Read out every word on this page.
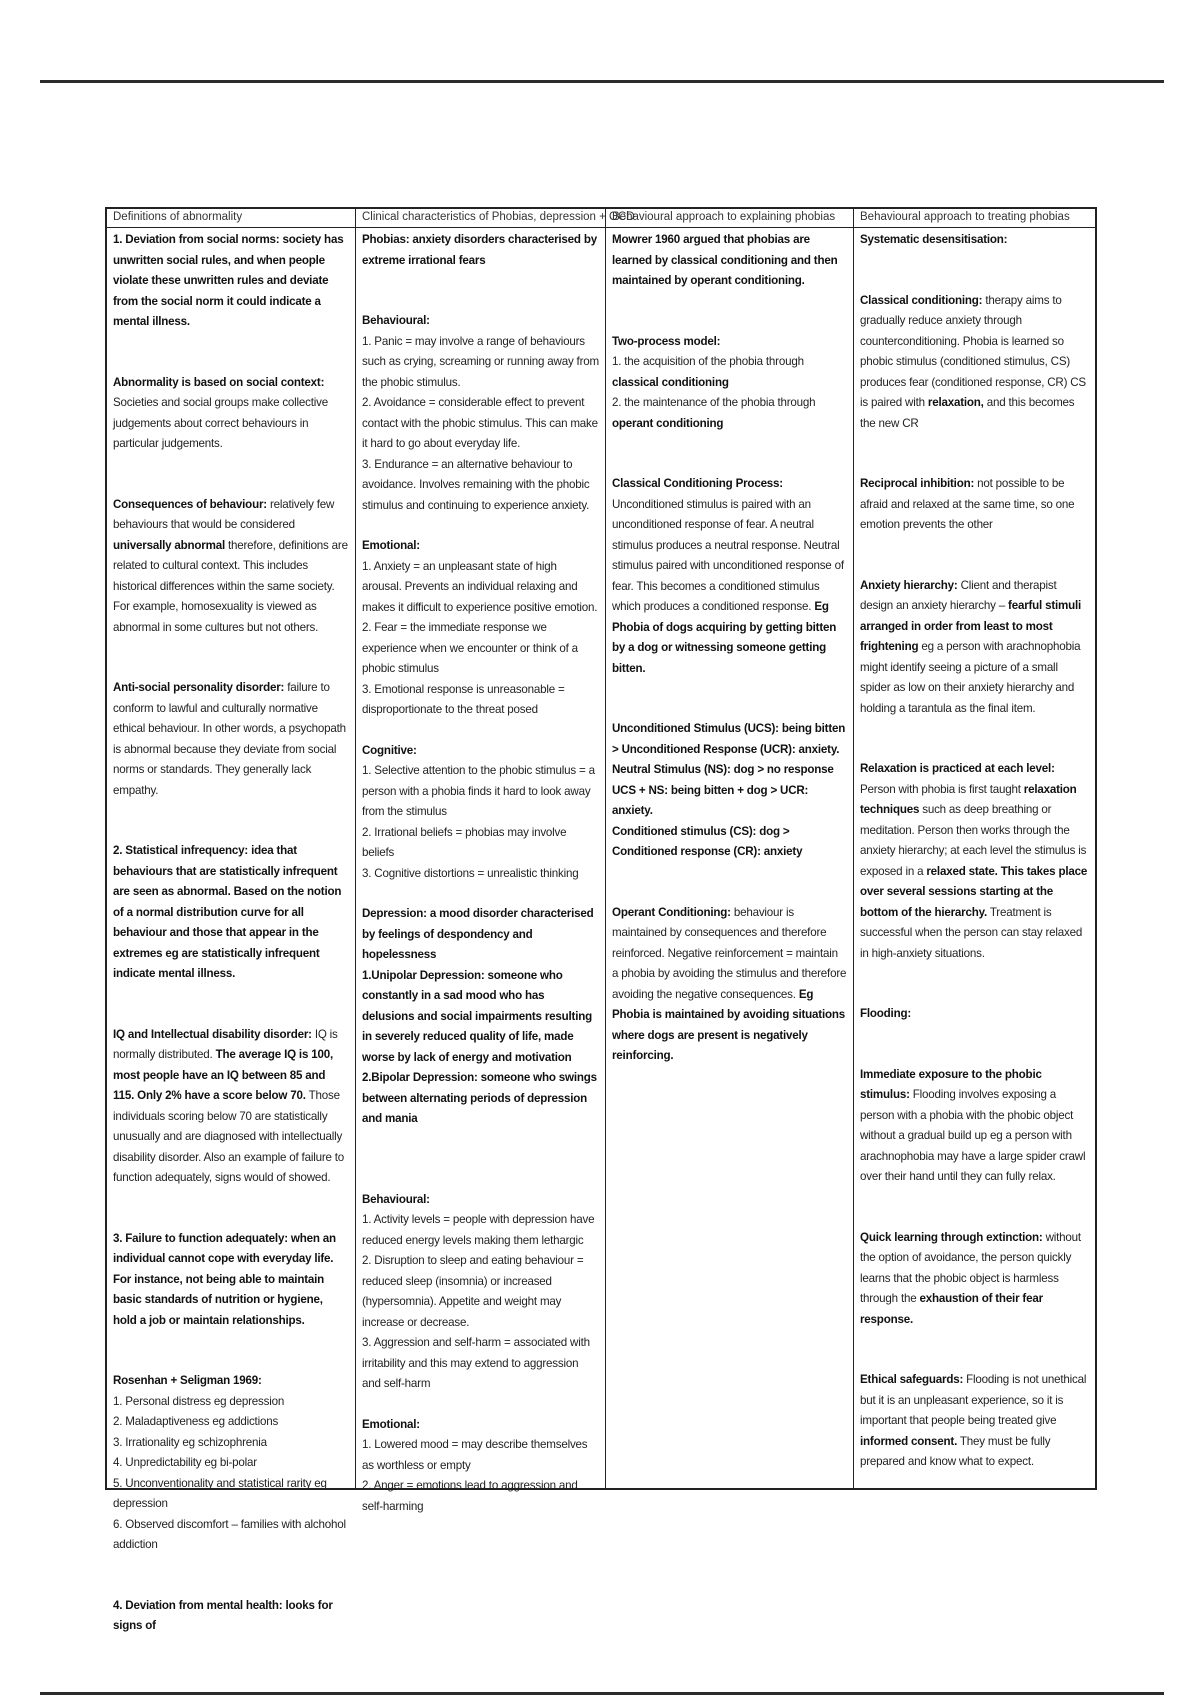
Definitions of abnormality

1. Deviation from social norms: society has unwritten social rules, and when people violate these unwritten rules and deviate from the social norm it could indicate a mental illness.

Abnormality is based on social context: Societies and social groups make collective judgements about correct behaviours in particular judgements.

Consequences of behaviour: relatively few behaviours that would be considered universally abnormal therefore, definitions are related to cultural context. This includes historical differences within the same society. For example, homosexuality is viewed as abnormal in some cultures but not others.

Anti-social personality disorder: failure to conform to lawful and culturally normative ethical behaviour. In other words, a psychopath is abnormal because they deviate from social norms or standards. They generally lack empathy.

2. Statistical infrequency: idea that behaviours that are statistically infrequent are seen as abnormal. Based on the notion of a normal distribution curve for all behaviour and those that appear in the extremes eg are statistically infrequent indicate mental illness.

IQ and Intellectual disability disorder: IQ is normally distributed. The average IQ is 100, most people have an IQ between 85 and 115. Only 2% have a score below 70. Those individuals scoring below 70 are statistically unusually and are diagnosed with intellectually disability disorder. Also an example of failure to function adequately, signs would of showed.

3. Failure to function adequately: when an individual cannot cope with everyday life. For instance, not being able to maintain basic standards of nutrition or hygiene, hold a job or maintain relationships.

Rosenhan + Seligman 1969:

1. Personal distress eg depression
2. Maladaptiveness eg addictions
3. Irrationality eg schizophrenia
4. Unpredictability eg bi-polar
5. Unconventionality and statistical rarity eg depression
6. Observed discomfort – families with alchohol addiction

4. Deviation from mental health: looks for signs of

Clinical characteristics of Phobias, depression + OCD

Phobias: anxiety disorders characterised by extreme irrational fears

Behavioural:

1. Panic = may involve a range of behaviours such as crying, screaming or running away from the phobic stimulus.
2. Avoidance = considerable effect to prevent contact with the phobic stimulus. This can make it hard to go about everyday life.
3. Endurance = an alternative behaviour to avoidance. Involves remaining with the phobic stimulus and continuing to experience anxiety.

Emotional:

1. Anxiety = an unpleasant state of high arousal. Prevents an individual relaxing and makes it difficult to experience positive emotion.
2. Fear = the immediate response we experience when we encounter or think of a phobic stimulus
3. Emotional response is unreasonable = disproportionate to the threat posed

Cognitive:

1. Selective attention to the phobic stimulus = a person with a phobia finds it hard to look away from the stimulus
2. Irrational beliefs = phobias may involve beliefs
3. Cognitive distortions = unrealistic thinking

Depression: a mood disorder characterised by feelings of despondency and hopelessness

1.Unipolar Depression: someone who constantly in a sad mood who has delusions and social impairments resulting in severely reduced quality of life, made worse by lack of energy and motivation

2.Bipolar Depression: someone who swings between alternating periods of depression and mania

Behavioural:

1. Activity levels = people with depression have reduced energy levels making them lethargic
2. Disruption to sleep and eating behaviour = reduced sleep (insomnia) or increased (hypersomnia). Appetite and weight may increase or decrease.
3. Aggression and self-harm = associated with irritability and this may extend to aggression and self-harm

Emotional:

1. Lowered mood = may describe themselves as worthless or empty
2. Anger = emotions lead to aggression and self-harming
Behavioural approach to explaining phobias

Mowrer 1960 argued that phobias are learned by classical conditioning and then maintained by operant conditioning.

Two-process model:

1. the acquisition of the phobia through classical conditioning

2. the maintenance of the phobia through operant conditioning

Classical Conditioning Process: Unconditioned stimulus is paired with an unconditioned response of fear. A neutral stimulus produces a neutral response. Neutral stimulus paired with unconditioned response of fear. This becomes a conditioned stimulus which produces a conditioned response. Eg Phobia of dogs acquiring by getting bitten by a dog or witnessing someone getting bitten.

Unconditioned Stimulus (UCS): being bitten > Unconditioned Response (UCR): anxiety.

Neutral Stimulus (NS): dog > no response

UCS + NS: being bitten + dog > UCR: anxiety.

Conditioned stimulus (CS): dog > Conditioned response (CR): anxiety

Operant Conditioning: behaviour is maintained by consequences and therefore reinforced. Negative reinforcement = maintain a phobia by avoiding the stimulus and therefore avoiding the negative consequences. Eg Phobia is maintained by avoiding situations where dogs are present is negatively reinforcing.

Behavioural approach to treating phobias

Systematic desensitisation:

Classical conditioning: therapy aims to gradually reduce anxiety through counterconditioning. Phobia is learned so phobic stimulus (conditioned stimulus, CS) produces fear (conditioned response, CR) CS is paired with relaxation, and this becomes the new CR

Reciprocal inhibition: not possible to be afraid and relaxed at the same time, so one emotion prevents the other

Anxiety hierarchy: Client and therapist design an anxiety hierarchy – fearful stimuli arranged in order from least to most frightening eg a person with arachnophobia might identify seeing a picture of a small spider as low on their anxiety hierarchy and holding a tarantula as the final item.

Relaxation is practiced at each level: Person with phobia is first taught relaxation techniques such as deep breathing or meditation. Person then works through the anxiety hierarchy; at each level the stimulus is exposed in a relaxed state. This takes place over several sessions starting at the bottom of the hierarchy. Treatment is successful when the person can stay relaxed in high-anxiety situations.

Flooding:

Immediate exposure to the phobic stimulus: Flooding involves exposing a person with a phobia with the phobic object without a gradual build up eg a person with arachnophobia may have a large spider crawl over their hand until they can fully relax.

Quick learning through extinction: without the option of avoidance, the person quickly learns that the phobic object is harmless through the exhaustion of their fear response.

Ethical safeguards: Flooding is not unethical but it is an unpleasant experience, so it is important that people being treated give informed consent. They must be fully prepared and know what to expect.
